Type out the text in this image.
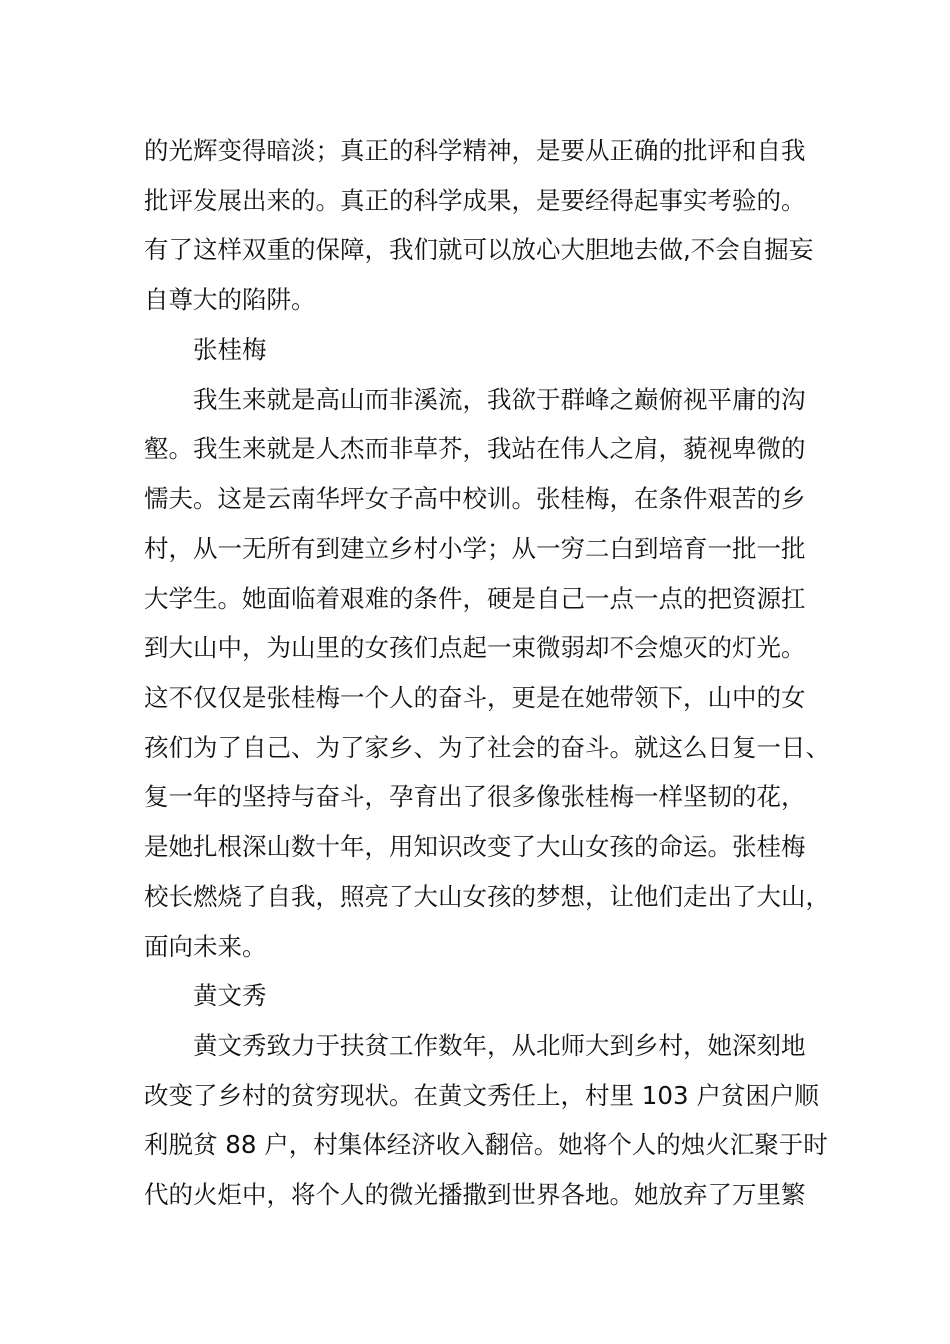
的光辉变得暗淡；真正的科学精神，是要从正确的批评和自我
批评发展出来的。真正的科学成果，是要经得起事实考验的。
有了这样双重的保障，我们就可以放心大胆地去做,不会自掘妄
自尊大的陷阱。
张桂梅
我生来就是高山而非溪流，我欲于群峰之巅俯视平庸的沟
壑。我生来就是人杰而非草芥，我站在伟人之肩，藐视卑微的
懦夫。这是云南华坪女子高中校训。张桂梅，在条件艰苦的乡
村，从一无所有到建立乡村小学；从一穷二白到培育一批一批
大学生。她面临着艰难的条件，硬是自己一点一点的把资源扛
到大山中，为山里的女孩们点起一束微弱却不会熄灭的灯光。
这不仅仅是张桂梅一个人的奋斗，更是在她带领下，山中的女
孩们为了自己、为了家乡、为了社会的奋斗。就这么日复一日、
复一年的坚持与奋斗，孕育出了很多像张桂梅一样坚韧的花，
是她扎根深山数十年，用知识改变了大山女孩的命运。张桂梅
校长燃烧了自我，照亮了大山女孩的梦想，让他们走出了大山，
面向未来。
黄文秀
黄文秀致力于扶贫工作数年，从北师大到乡村，她深刻地
改变了乡村的贫穷现状。在黄文秀任上，村里 103 户贫困户顺
利脱贫 88 户，村集体经济收入翻倍。她将个人的烛火汇聚于时
代的火炬中，将个人的微光播撒到世界各地。她放弃了万里繁
